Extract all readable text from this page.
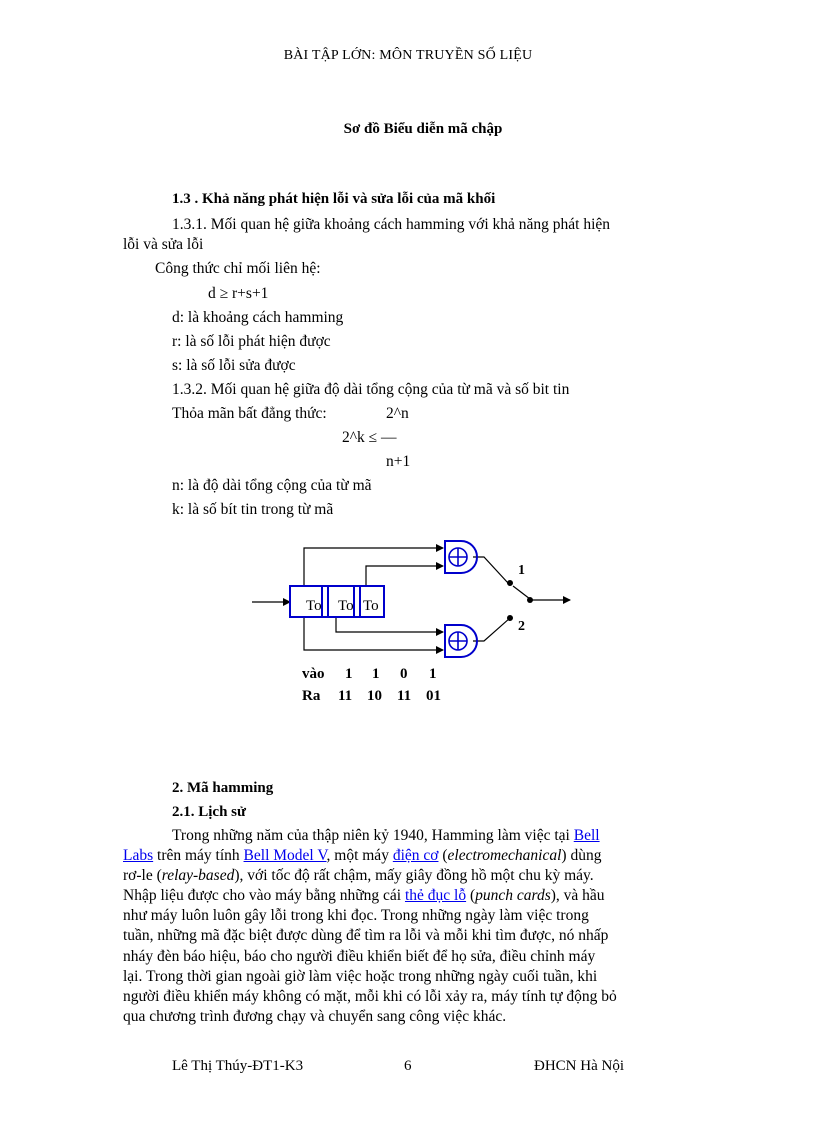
BÀI TẬP LỚN: MÔN TRUYỀN SỐ LIỆU
Sơ đồ Biểu diễn mã chập
1.3 . Khả năng phát hiện lỗi và sửa lỗi của mã khối
1.3.1. Mối quan hệ giữa khoảng cách hamming với khả năng phát hiện
lỗi và sửa lỗi
Công thức chỉ mối liên hệ:
d ≥ r+s+1
d: là khoảng cách hamming
r: là số lỗi phát hiện được
s: là số lỗi sửa được
1.3.2. Mối quan hệ giữa độ dài tổng cộng của từ mã và số bit tin
Thỏa mãn bất đẳng thức:	2^n
2^k ≤ —
n+1
n: là độ dài tổng cộng của từ mã
k: là số bít tin trong từ mã
To To To
1
2
vào 1 1 0 1
Ra 11 10 11 01
2. Mã hamming
2.1. Lịch sử
Trong những năm của thập niên kỷ 1940, Hamming làm việc tại Bell
Labs trên máy tính Bell Model V, một máy điện cơ (electromechanical) dùng
rơ-le (relay-based), với tốc độ rất chậm, mấy giây đồng hồ một chu kỳ máy.
Nhập liệu được cho vào máy bằng những cái thẻ đục lỗ (punch cards), và hầu
như máy luôn luôn gây lỗi trong khi đọc. Trong những ngày làm việc trong
tuần, những mã đặc biệt được dùng để tìm ra lỗi và mỗi khi tìm được, nó nhấp
nháy đèn báo hiệu, báo cho người điều khiển biết để họ sửa, điều chỉnh máy
lại. Trong thời gian ngoài giờ làm việc hoặc trong những ngày cuối tuần, khi
người điều khiển máy không có mặt, mỗi khi có lỗi xảy ra, máy tính tự động bỏ
qua chương trình đương chạy và chuyển sang công việc khác.
Lê Thị Thúy-ĐT1-K3	6	ĐHCN Hà Nội
